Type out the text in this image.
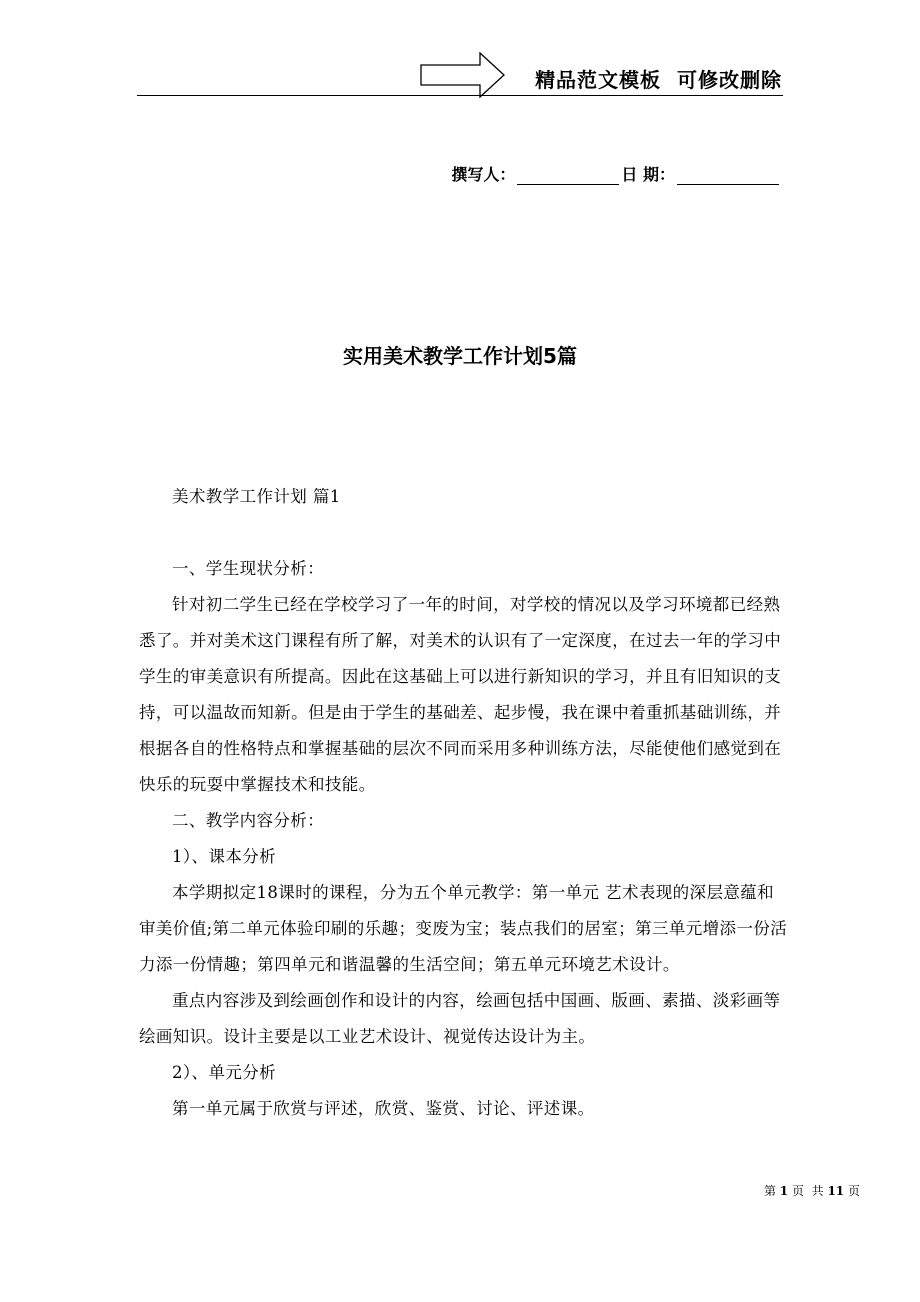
精品范文模板  可修改删除
撰写人：	日 期：
实用美术教学工作计划5篇

美术教学工作计划 篇1

一、学生现状分析：

针对初二学生已经在学校学习了一年的时间，对学校的情况以及学习环境都已经熟悉了。并对美术这门课程有所了解，对美术的认识有了一定深度，在过去一年的学习中学生的审美意识有所提高。因此在这基础上可以进行新知识的学习，并且有旧知识的支持，可以温故而知新。但是由于学生的基础差、起步慢，我在课中着重抓基础训练，并根据各自的性格特点和掌握基础的层次不同而采用多种训练方法，尽能使他们感觉到在快乐的玩耍中掌握技术和技能。

二、教学内容分析：

1）、课本分析

本学期拟定18课时的课程，分为五个单元教学：第一单元 艺术表现的深层意蕴和审美价值;第二单元体验印刷的乐趣；变废为宝；装点我们的居室；第三单元增添一份活力添一份情趣；第四单元和谐温馨的生活空间；第五单元环境艺术设计。

重点内容涉及到绘画创作和设计的内容，绘画包括中国画、版画、素描、淡彩画等绘画知识。设计主要是以工业艺术设计、视觉传达设计为主。

2）、单元分析

第一单元属于欣赏与评述，欣赏、鉴赏、讨论、评述课。

第 1 页  共 11 页
